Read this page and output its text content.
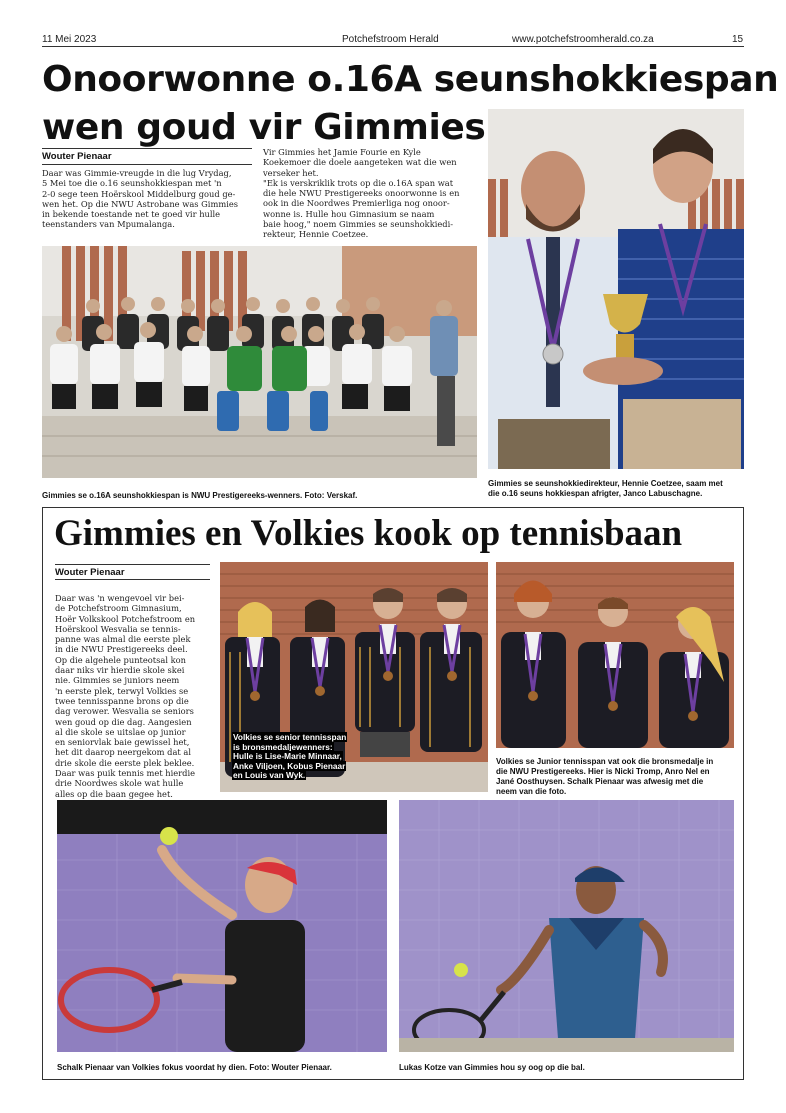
11 Mei 2023	Potchefstroom Herald	www.potchefstroomherald.co.za	15
Onoorwonne o.16A seunshokkiespan
wen goud vir Gimmies
Wouter Pienaar
Daar was Gimmie-vreugde in die lug Vrydag,
5 Mei toe die o.16 seunshokkiespan met 'n
2-0 sege teen Hoërskool Middelburg goud ge-
wen het. Op die NWU Astrobane was Gimmies
in bekende toestande net te goed vir hulle
teenstanders van Mpumalanga.
Vir Gimmies het Jamie Fourie en Kyle
Koekemoer die doele aangeteken wat die wen
verseker het.
"Ek is verskriklik trots op die o.16A span wat
die hele NWU Prestigereeks onoorwonne is en
ook in die Noordwes Premierliga nog onoor-
wonne is. Hulle hou Gimnasium se naam
baie hoog," noem Gimmies se seunshokkiedi-
rekteur, Hennie Coetzee.
Gimmies se o.16A seunshokkiespan is NWU Prestigereeks-wenners. Foto: Verskaf.
Gimmies se seunshokkiedirekteur, Hennie Coetzee, saam met
die o.16 seuns hokkiespan afrigter, Janco Labuschagne.
Gimmies en Volkies kook op tennisbaan
Wouter Pienaar
Daar was 'n wengevoel vir bei-
de Potchefstroom Gimnasium,
Hoër Volkskool Potchefstroom en
Hoërskool Wesvalia se tennis-
panne was almal die eerste plek
in die NWU Prestigereeks deel.
Op die algehele punteotsal kon
daar niks vir hierdie skole skei
nie. Gimmies se juniors neem
'n eerste plek, terwyl Volkies se
twee tennisspanne brons op die
dag verower. Wesvalia se seniors
wen goud op die dag. Aangesien
al die skole se uitslae op junior
en seniorvlak baie gewissel het,
het dit daarop neergekom dat al
drie skole die eerste plek beklee.
Daar was puik tennis met hierdie
drie Noordwes skole wat hulle
alles op die baan gegee het.
Volkies se senior tennisspan
is bronsmedaljewenners:
Hulle is Lise-Marie Minnaar,
Anke Viljoen, Kobus Pienaar
en Louis van Wyk.
Volkies se Junior tennisspan vat ook die bronsmedalje in
die NWU Prestigereeks. Hier is Nicki Tromp, Anro Nel en
Jané Oosthuysen. Schalk Pienaar was afwesig met die
neem van die foto.
Schalk Pienaar van Volkies fokus voordat hy dien. Foto: Wouter Pienaar.	Lukas Kotze van Gimmies hou sy oog op die bal.
